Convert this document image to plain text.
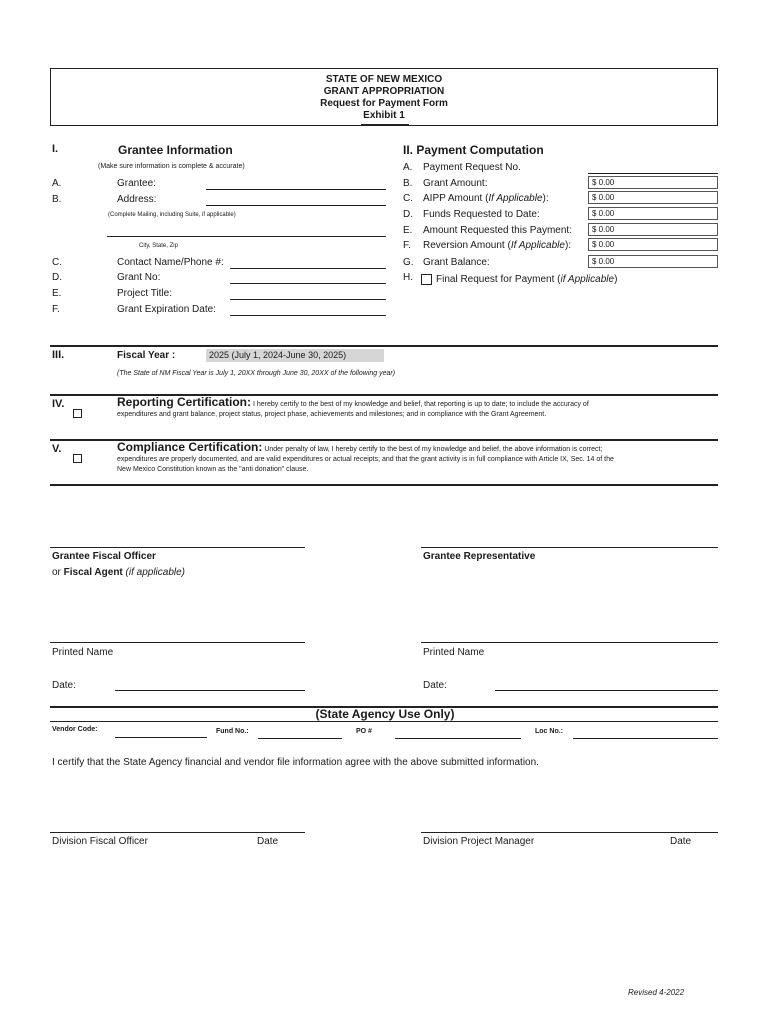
STATE OF NEW MEXICO
GRANT APPROPRIATION
Request for Payment Form
Exhibit 1
I.	Grantee Information
(Make sure information is complete & accurate)
A.	Grantee:
B.	Address:
(Complete Mailing, including Suite, if applicable)
City, State, Zip
C.	Contact Name/Phone #:
D.	Grant No:
E.	Project Title:
F.	Grant Expiration Date:
II. Payment Computation
A. Payment Request No.
B. Grant Amount:	$ 0.00
C. AIPP Amount (If Applicable):	$ 0.00
D. Funds Requested to Date:	$ 0.00
E. Amount Requested this Payment:	$ 0.00
F. Reversion Amount (If Applicable):	$ 0.00
G. Grant Balance:	$ 0.00
H. Final Request for Payment (if Applicable)
III.	Fiscal Year :	2025 (July 1, 2024-June 30, 2025)
(The State of NM Fiscal Year is July 1, 20XX through June 30, 20XX of the following year)
IV.	Reporting Certification: I hereby certify to the best of my knowledge and belief, that reporting is up to date; to include the accuracy of
expenditures and grant balance, project status, project phase, achievements and milestones; and in compliance with the Grant Agreement.
V.	Compliance Certification: Under penalty of law, I hereby certify to the best of my knowledge and belief, the above information is correct;
expenditures are properly documented, and are valid expenditures or actual receipts; and that the grant activity is in full compliance with Article IX, Sec. 14 of the
New Mexico Constitution known as the "anti donation" clause.
Grantee Fiscal Officer
or Fiscal Agent (if applicable)
Grantee Representative
Printed Name	Printed Name
Date:	Date:
(State Agency Use Only)
Vendor Code:	Fund No.:	PO #	Loc No.:
I certify that the State Agency financial and vendor file information agree with the above submitted information.
Division Fiscal Officer	Date	Division Project Manager	Date
Revised 4-2022
